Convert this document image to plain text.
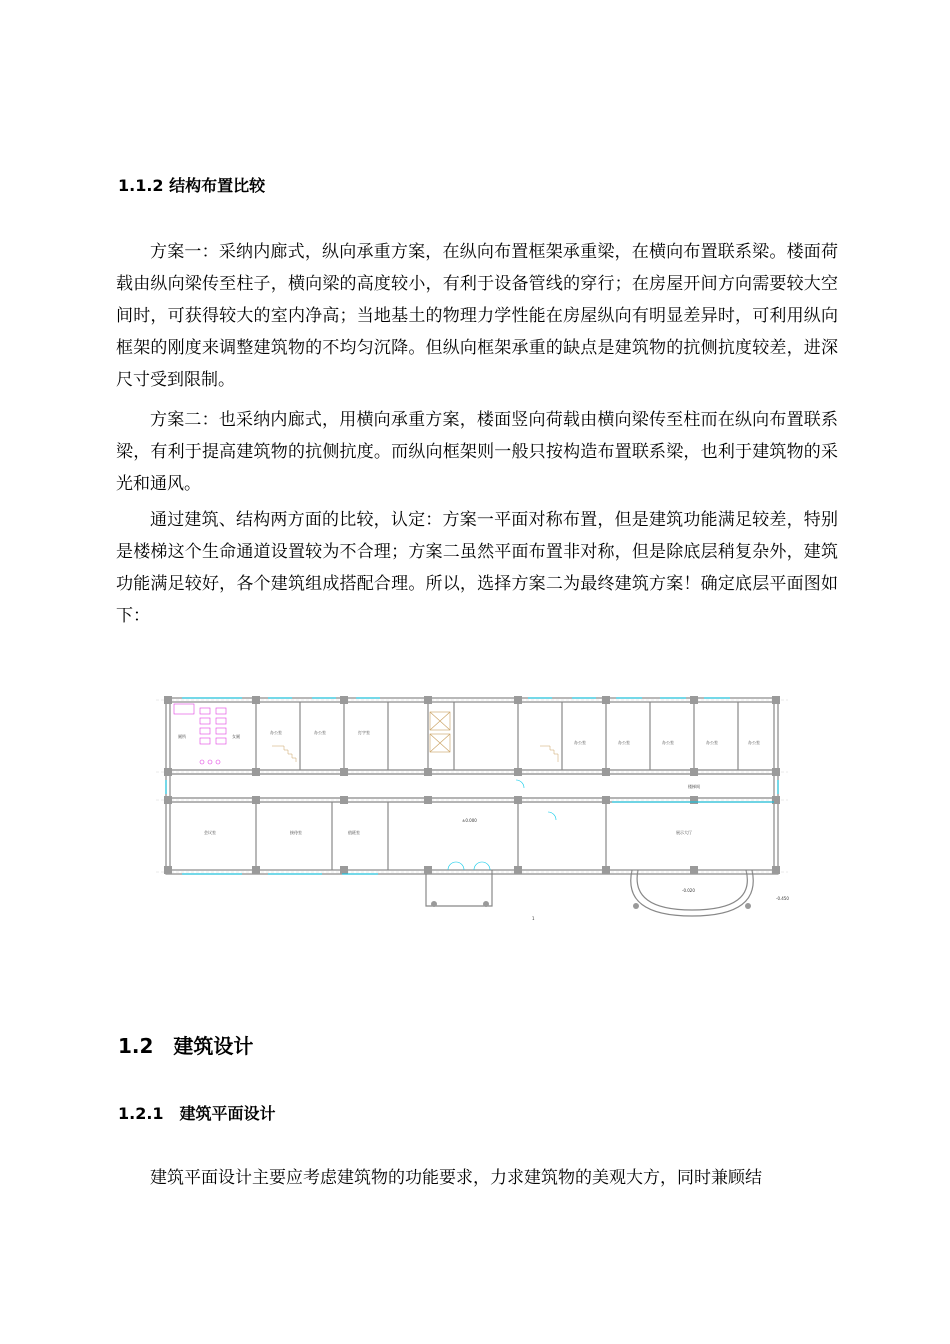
1.1.2 结构布置比较

方案一：采纳内廊式，纵向承重方案，在纵向布置框架承重梁，在横向布置联系梁。楼面荷载由纵向梁传至柱子，横向梁的高度较小，有利于设备管线的穿行；在房屋开间方向需要较大空间时，可获得较大的室内净高；当地基土的物理力学性能在房屋纵向有明显差异时，可利用纵向框架的刚度来调整建筑物的不均匀沉降。但纵向框架承重的缺点是建筑物的抗侧抗度较差，进深尺寸受到限制。

方案二：也采纳内廊式，用横向承重方案，楼面竖向荷载由横向梁传至柱而在纵向布置联系梁，有利于提高建筑物的抗侧抗度。而纵向框架则一般只按构造布置联系梁，也利于建筑物的采光和通风。

通过建筑、结构两方面的比较，认定：方案一平面对称布置，但是建筑功能满足较差，特别是楼梯这个生命通道设置较为不合理；方案二虽然平面布置非对称，但是除底层稍复杂外，建筑功能满足较好，各个建筑组成搭配合理。所以，选择方案二为最终建筑方案！确定底层平面图如下：

厕所	女厕
办公室	办公室	打字室
办公室	办公室	办公室	办公室	办公室
会议室	接待室	值班室
±0.000
展示大厅
楼梯间
-0.020
-0.450
1
1.2　建筑设计
1.2.1　建筑平面设计

建筑平面设计主要应考虑建筑物的功能要求，力求建筑物的美观大方，同时兼顾结
